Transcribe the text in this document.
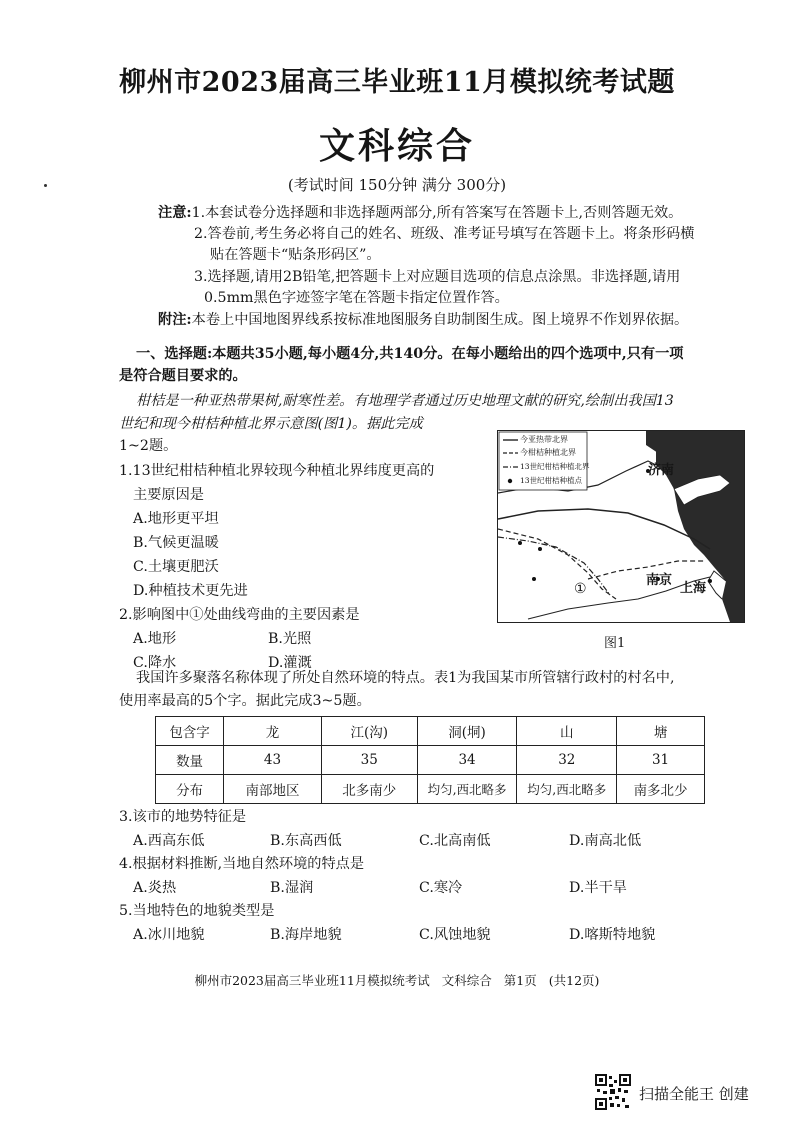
柳州市2023届高三毕业班11月模拟统考试题
文科综合
(考试时间 150分钟 满分 300分)
注意:1.本套试卷分选择题和非选择题两部分,所有答案写在答题卡上,否则答题无效。
2.答卷前,考生务必将自己的姓名、班级、准考证号填写在答题卡上。将条形码横
贴在答题卡“贴条形码区”。
3.选择题,请用2B铅笔,把答题卡上对应题目选项的信息点涂黑。非选择题,请用
0.5mm黑色字迹签字笔在答题卡指定位置作答。
附注:本卷上中国地图界线系按标准地图服务自助制图生成。图上境界不作划界依据。
一、选择题:本题共35小题,每小题4分,共140分。在每小题给出的四个选项中,只有一项
是符合题目要求的。
柑桔是一种亚热带果树,耐寒性差。有地理学者通过历史地理文献的研究,绘制出我国13
世纪和现今柑桔种植北界示意图(图1)。据此完成
1~2题。
1.13世纪柑桔种植北界较现今种植北界纬度更高的
主要原因是
A.地形更平坦
B.气候更温暖
C.土壤更肥沃
D.种植技术更先进
2.影响图中①处曲线弯曲的主要因素是
A.地形	B.光照
C.降水	D.灌溉
今亚热带北界
今柑桔种植北界
13世纪柑桔种植北界
13世纪柑桔种植点
济南
南京
上海
①
图1
我国许多聚落名称体现了所处自然环境的特点。表1为我国某市所管辖行政村的村名中,
使用率最高的5个字。据此完成3~5题。
包含字	龙	江(沟)	洞(垌)	山	塘
数量	43	35	34	32	31
分布	南部地区	北多南少	均匀,西北略多	均匀,西北略多	南多北少
3.该市的地势特征是
A.西高东低	B.东高西低	C.北高南低	D.南高北低
4.根据材料推断,当地自然环境的特点是
A.炎热	B.湿润	C.寒冷	D.半干旱
5.当地特色的地貌类型是
A.冰川地貌	B.海岸地貌	C.风蚀地貌	D.喀斯特地貌
柳州市2023届高三毕业班11月模拟统考试 文科综合 第1页 (共12页)
扫描全能王 创建
